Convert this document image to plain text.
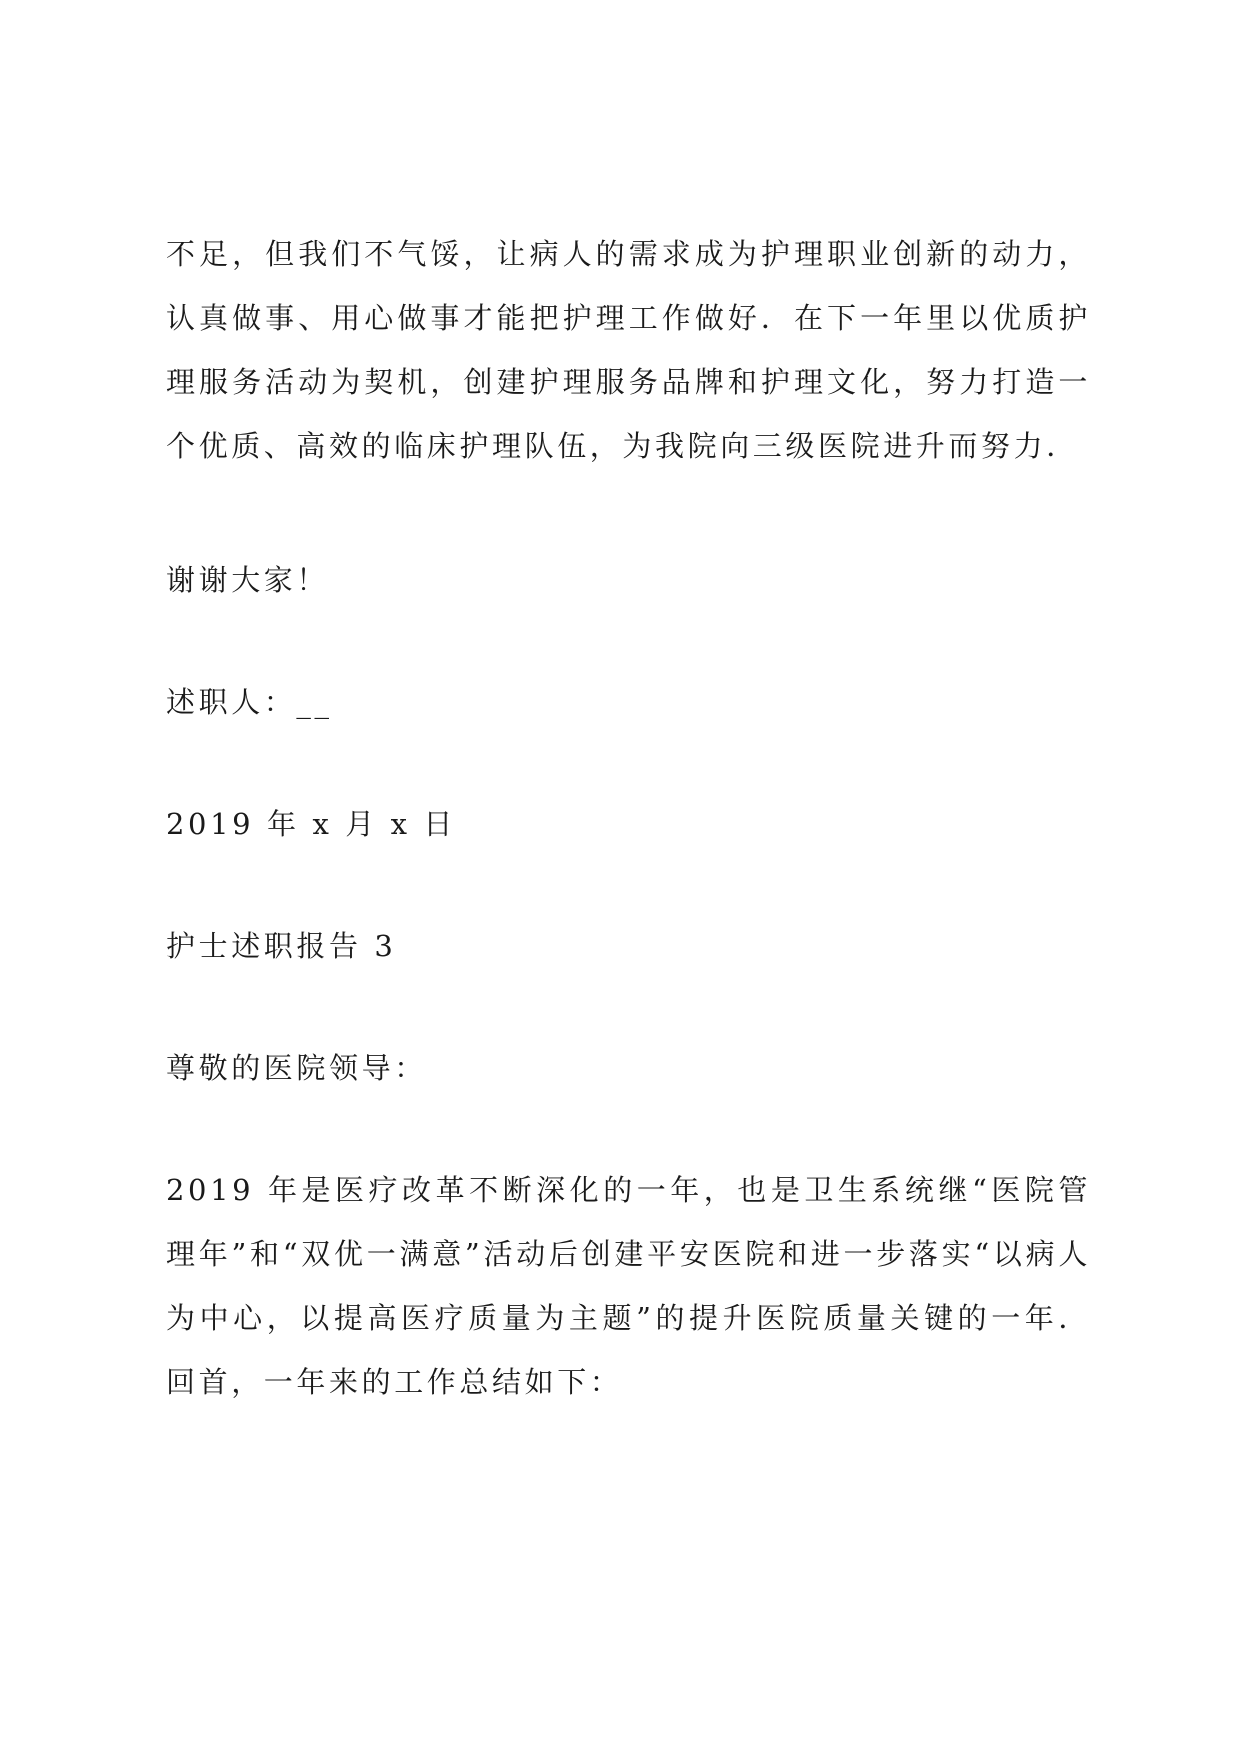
不足，但我们不气馁，让病人的需求成为护理职业创新的动力，认真做事、用心做事才能把护理工作做好．在下一年里以优质护理服务活动为契机，创建护理服务品牌和护理文化，努力打造一个优质、高效的临床护理队伍，为我院向三级医院进升而努力．

谢谢大家！

述职人：__

2019 年 x 月 x 日

护士述职报告 3

尊敬的医院领导：

2019 年是医疗改革不断深化的一年，也是卫生系统继“医院管理年”和“双优一满意”活动后创建平安医院和进一步落实“以病人为中心，以提高医疗质量为主题”的提升医院质量关键的一年．回首，一年来的工作总结如下：
